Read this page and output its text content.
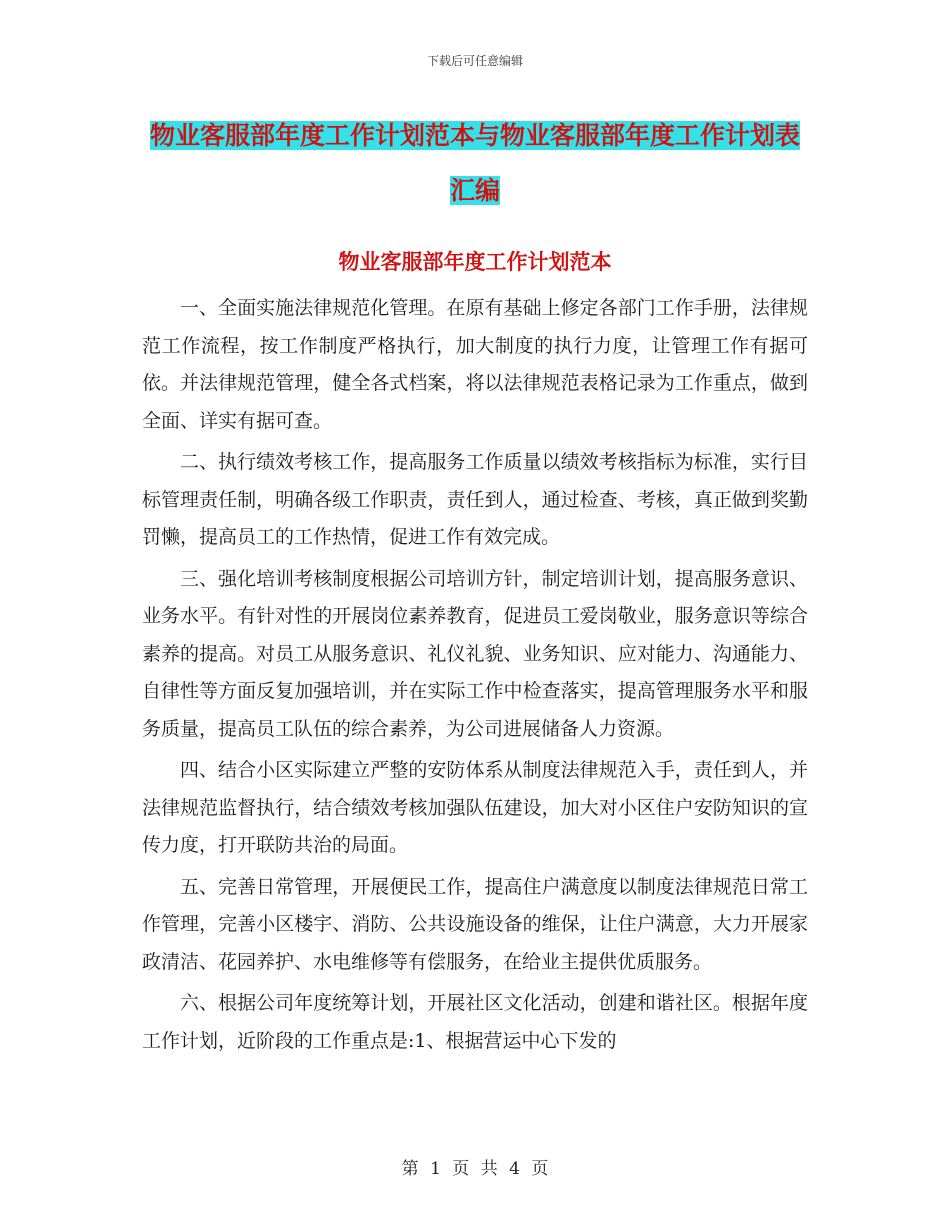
下载后可任意编辑
物业客服部年度工作计划范本与物业客服部年度工作计划表汇编
物业客服部年度工作计划范本

一、全面实施法律规范化管理。在原有基础上修定各部门工作手册，法律规范工作流程，按工作制度严格执行，加大制度的执行力度，让管理工作有据可依。并法律规范管理，健全各式档案，将以法律规范表格记录为工作重点，做到全面、详实有据可查。

二、执行绩效考核工作，提高服务工作质量以绩效考核指标为标准，实行目标管理责任制，明确各级工作职责，责任到人，通过检查、考核，真正做到奖勤罚懒，提高员工的工作热情，促进工作有效完成。

三、强化培训考核制度根据公司培训方针，制定培训计划，提高服务意识、业务水平。有针对性的开展岗位素养教育，促进员工爱岗敬业，服务意识等综合素养的提高。对员工从服务意识、礼仪礼貌、业务知识、应对能力、沟通能力、自律性等方面反复加强培训，并在实际工作中检查落实，提高管理服务水平和服务质量，提高员工队伍的综合素养，为公司进展储备人力资源。

四、结合小区实际建立严整的安防体系从制度法律规范入手，责任到人，并法律规范监督执行，结合绩效考核加强队伍建设，加大对小区住户安防知识的宣传力度，打开联防共治的局面。

五、完善日常管理，开展便民工作，提高住户满意度以制度法律规范日常工作管理，完善小区楼宇、消防、公共设施设备的维保，让住户满意，大力开展家政清洁、花园养护、水电维修等有偿服务，在给业主提供优质服务。

六、根据公司年度统筹计划，开展社区文化活动，创建和谐社区。根据年度工作计划，近阶段的工作重点是:1、根据营运中心下发的

第 1 页 共 4 页
